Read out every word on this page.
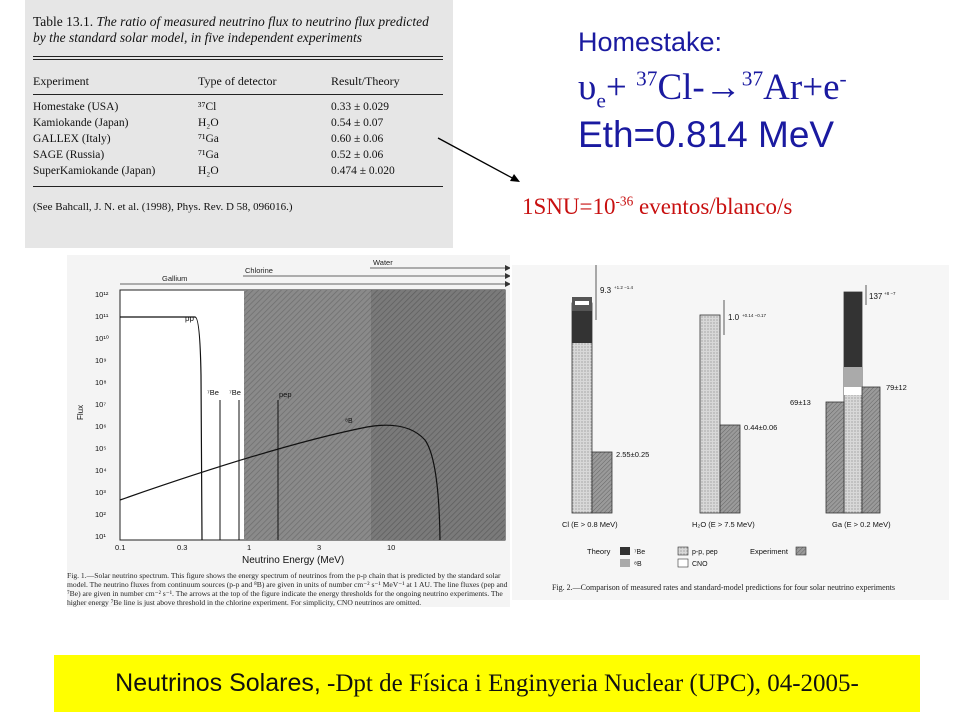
Table 13.1. The ratio of measured neutrino flux to neutrino flux predicted by the standard solar model, in five independent experiments
Experiment	Type of detector	Result/Theory
Homestake (USA)	³⁷Cl	0.33 ± 0.029
Kamiokande (Japan)	H₂O	0.54 ± 0.07
GALLEX (Italy)	⁷¹Ga	0.60 ± 0.06
SAGE (Russia)	⁷¹Ga	0.52 ± 0.06
SuperKamiokande (Japan)	H₂O	0.474 ± 0.020
(See Bahcall, J. N. et al. (1998), Phys. Rev. D 58, 096016.)
Homestake:
$\upsilon_e+ ^{37}Cl-\to^{37}Ar+e^-$
Eth=0.814 MeV
$1SNU=10^{-36}$ eventos/blanco/s
Gallium
Chlorine
Water
pp
⁷Be ⁷Be	pep
⁸B
10¹²
10¹¹
10¹⁰
10⁹
10⁸
10⁷
10⁶
10⁵
10⁴
10³
10²
10¹
Flux
0.1	0.3	1	3	10
Neutrino Energy (MeV)
Fig. 1.—Solar neutrino spectrum. This figure shows the energy spectrum of neutrinos from the p-p chain that is predicted by the standard solar model. The neutrino fluxes from continuum sources (p-p and ⁸B) are given in units of number cm⁻² s⁻¹ MeV⁻¹ at 1 AU. The line fluxes (pep and ⁷Be) are given in number cm⁻² s⁻¹. The arrows at the top of the figure indicate the energy thresholds for the ongoing neutrino experiments. The higher energy ⁷Be line is just above threshold in the chlorine experiment. For simplicity, CNO neutrinos are omitted.
9.3 +1.2 −1.4
2.55±0.25
Cl (E > 0.8 MeV)
1.0 +0.14 −0.17
0.44±0.06
H₂O (E > 7.5 MeV)
137 +8 −7
69±13
79±12
Ga (E > 0.2 MeV)
Theory	⁷Be
⁸B
p-p, pep
CNO
Experiment
Fig. 2.—Comparison of measured rates and standard-model predictions for four solar neutrino experiments
Neutrinos Solares,
-Dpt de Física i Enginyeria Nuclear (UPC), 04-2005-
